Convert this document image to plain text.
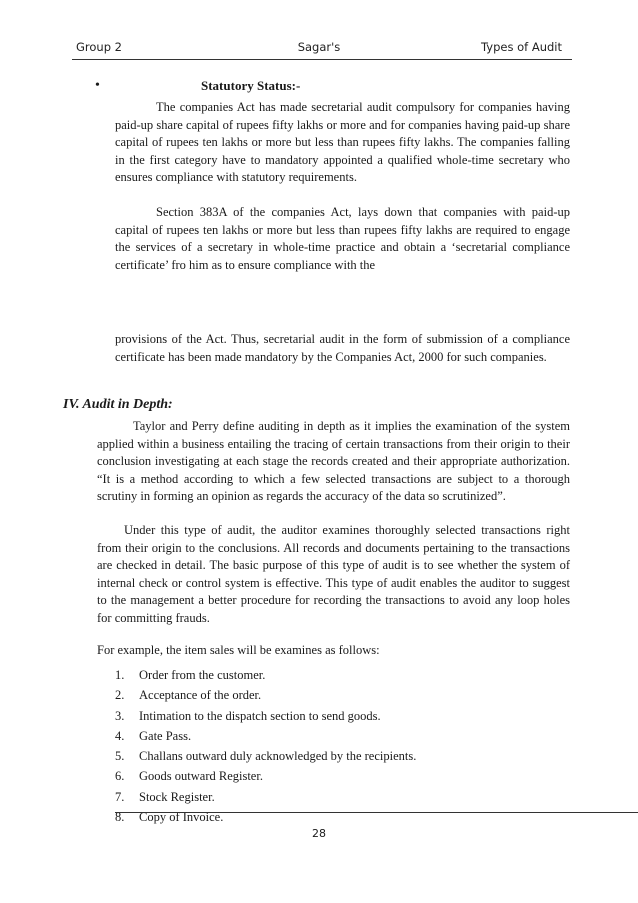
Group 2	Sagar's	Types of Audit
•	Statutory Status:-

The companies Act has made secretarial audit compulsory for companies having paid-up share capital of rupees fifty lakhs or more and for companies having paid-up share capital of rupees ten lakhs or more but less than rupees fifty lakhs. The companies falling in the first category have to mandatory appointed a qualified whole-time secretary who ensures compliance with statutory requirements.

Section 383A of the companies Act, lays down that companies with paid-up capital of rupees ten lakhs or more but less than rupees fifty lakhs are required to engage the services of a secretary in whole-time practice and obtain a ‘secretarial compliance certificate’ fro him as to ensure compliance with the

provisions of the Act. Thus, secretarial audit in the form of submission of a compliance certificate has been made mandatory by the Companies Act, 2000 for such companies.

IV. Audit in Depth:

Taylor and Perry define auditing in depth as it implies the examination of the system applied within a business entailing the tracing of certain transactions from their origin to their conclusion investigating at each stage the records created and their appropriate authorization. “It is a method according to which a few selected transactions are subject to a thorough scrutiny in forming an opinion as regards the accuracy of the data so scrutinized”.

Under this type of audit, the auditor examines thoroughly selected transactions right from their origin to the conclusions. All records and documents pertaining to the transactions are checked in detail. The basic purpose of this type of audit is to see whether the system of internal check or control system is effective. This type of audit enables the auditor to suggest to the management a better procedure for recording the transactions to avoid any loop holes for committing frauds.

For example, the item sales will be examines as follows:

1. Order from the customer.
2. Acceptance of the order.
3. Intimation to the dispatch section to send goods.
4. Gate Pass.
5. Challans outward duly acknowledged by the recipients.
6. Goods outward Register.
7. Stock Register.
8. Copy of Invoice.
28
